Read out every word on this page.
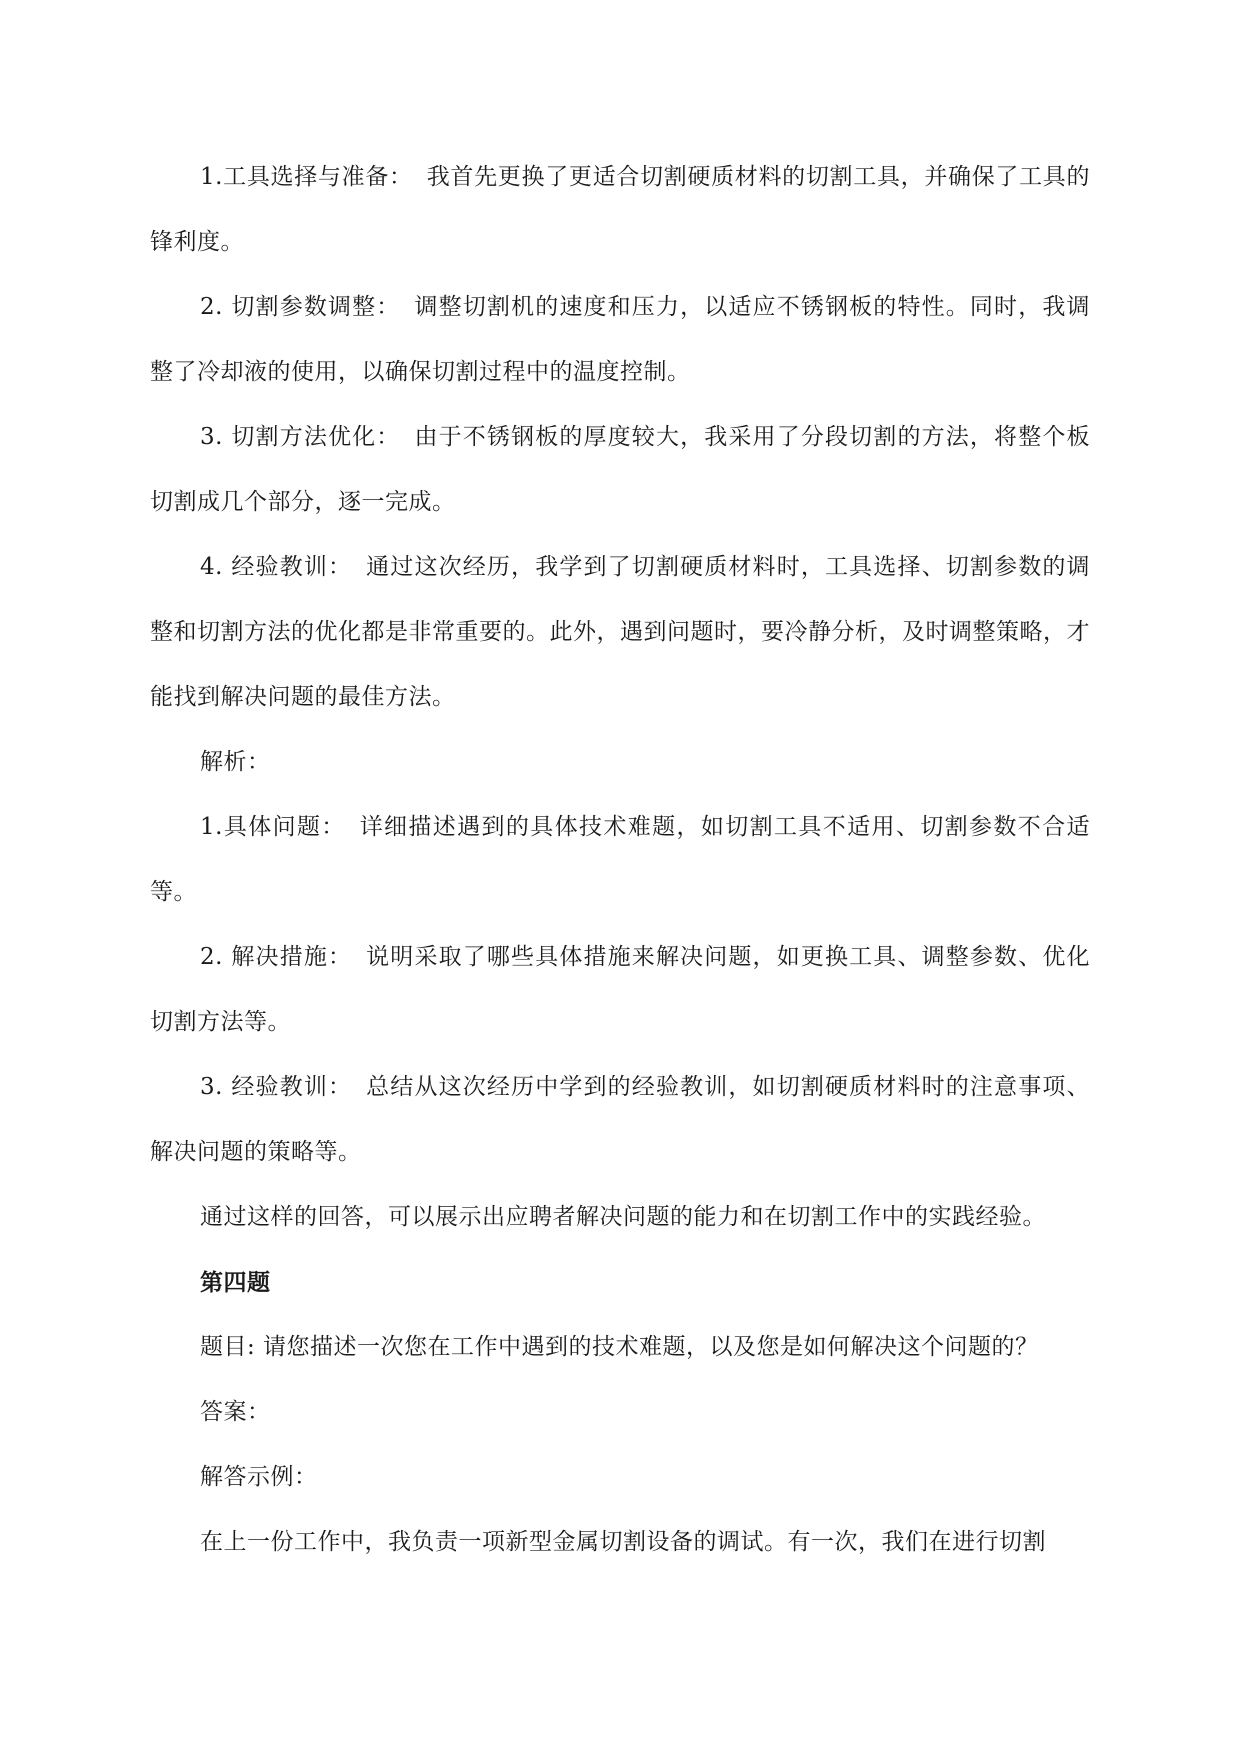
1.工具选择与准备： 我首先更换了更适合切割硬质材料的切割工具，并确保了工具的锋利度。

2. 切割参数调整： 调整切割机的速度和压力，以适应不锈钢板的特性。同时，我调整了冷却液的使用，以确保切割过程中的温度控制。

3. 切割方法优化： 由于不锈钢板的厚度较大，我采用了分段切割的方法，将整个板切割成几个部分，逐一完成。

4. 经验教训： 通过这次经历，我学到了切割硬质材料时，工具选择、切割参数的调整和切割方法的优化都是非常重要的。此外，遇到问题时，要冷静分析，及时调整策略，才能找到解决问题的最佳方法。

解析：

1.具体问题： 详细描述遇到的具体技术难题，如切割工具不适用、切割参数不合适等。

2. 解决措施： 说明采取了哪些具体措施来解决问题，如更换工具、调整参数、优化切割方法等。

3. 经验教训： 总结从这次经历中学到的经验教训，如切割硬质材料时的注意事项、解决问题的策略等。

通过这样的回答，可以展示出应聘者解决问题的能力和在切割工作中的实践经验。

第四题

题目: 请您描述一次您在工作中遇到的技术难题，以及您是如何解决这个问题的？

答案：

解答示例：

在上一份工作中，我负责一项新型金属切割设备的调试。有一次，我们在进行切割
